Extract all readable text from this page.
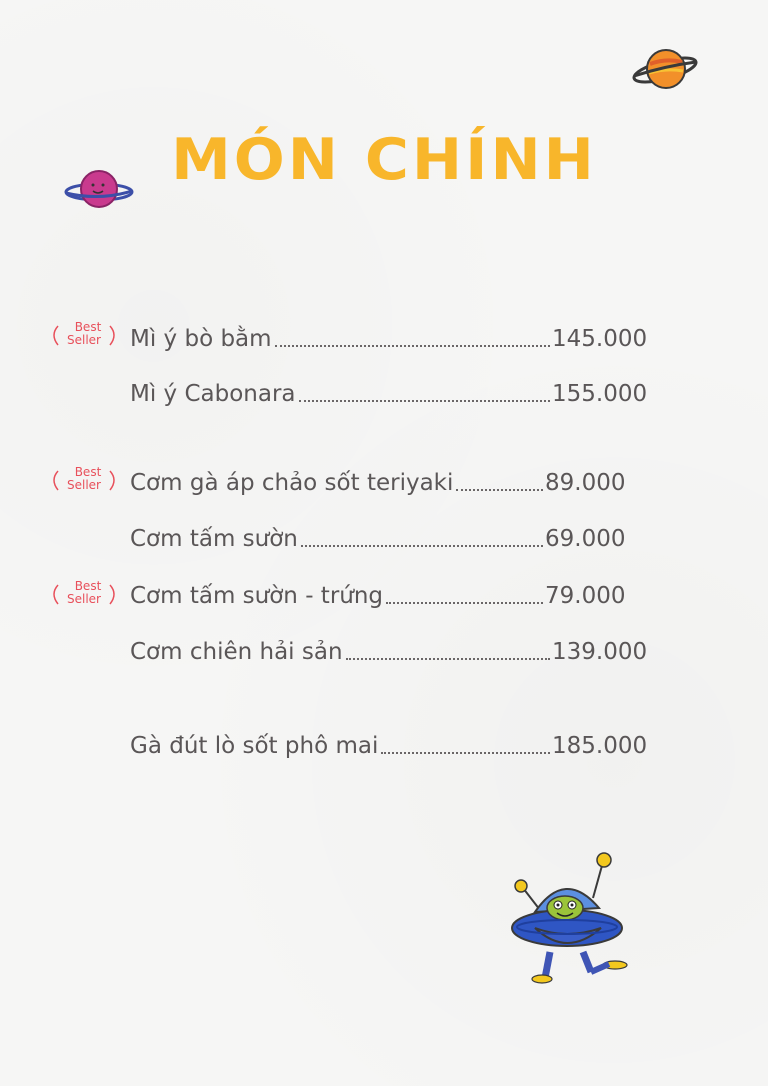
MÓN CHÍNH
Best
Seller	Mì ý bò bằm	145.000
Mì ý Cabonara	155.000
Best
Seller	Cơm gà áp chảo sốt teriyaki	89.000
Cơm tấm sườn	69.000
Best
Seller	Cơm tấm sườn - trứng	79.000
Cơm chiên hải sản	139.000
Gà đút lò sốt phô mai	185.000
